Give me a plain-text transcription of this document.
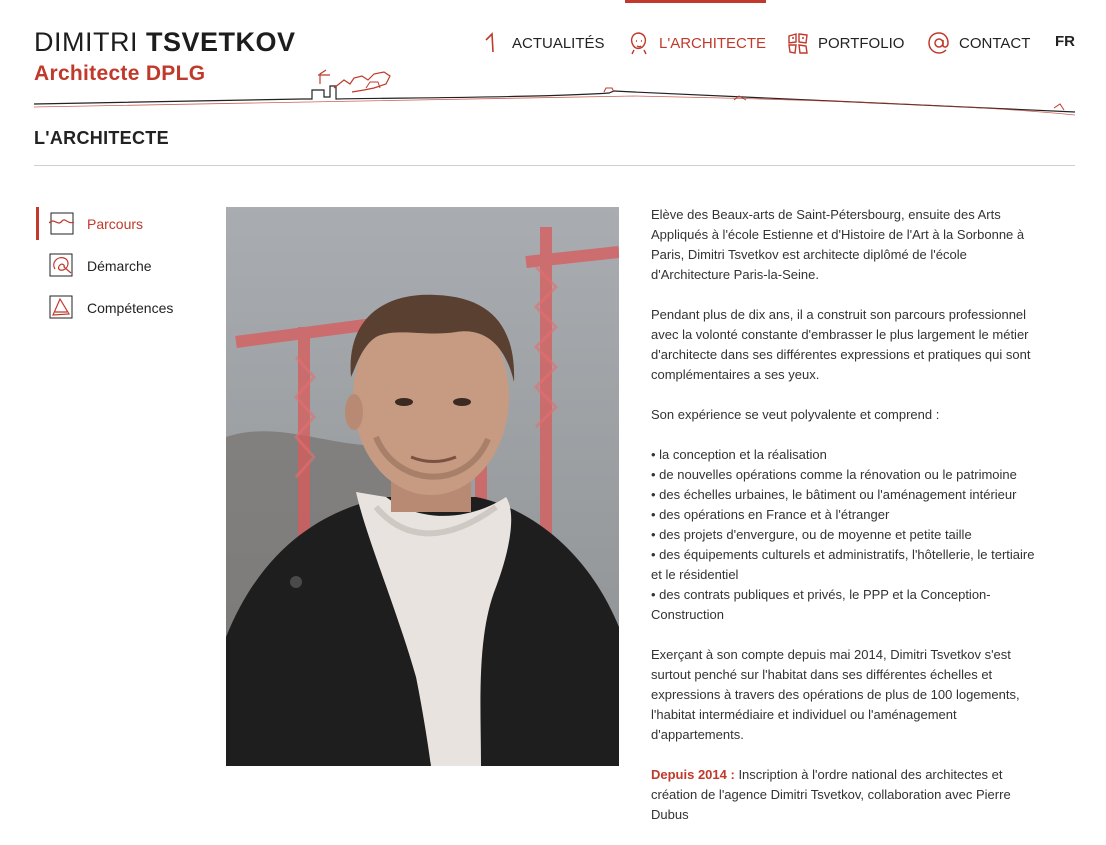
DIMITRI TSVETKOV
Architecte DPLG
ACTUALITÉS	L'ARCHITECTE	PORTFOLIO	CONTACT FR
L'ARCHITECTE
Parcours
Démarche
Compétences

Elève des Beaux-arts de Saint-Pétersbourg, ensuite des Arts Appliqués à l'école Estienne et d'Histoire de l'Art à la Sorbonne à Paris, Dimitri Tsvetkov est architecte diplômé de l'école d'Architecture Paris-la-Seine.

Pendant plus de dix ans, il a construit son parcours professionnel avec la volonté constante d'embrasser le plus largement le métier d'architecte dans ses différentes expressions et pratiques qui sont complémentaires a ses yeux.

Son expérience se veut polyvalente et comprend :

• la conception et la réalisation
• de nouvelles opérations comme la rénovation ou le patrimoine
• des échelles urbaines, le bâtiment ou l'aménagement intérieur
• des opérations en France et à l'étranger
• des projets d'envergure, ou de moyenne et petite taille
• des équipements culturels et administratifs, l'hôtellerie, le tertiaire et le résidentiel
• des contrats publiques et privés, le PPP et la Conception-Construction

Exerçant à son compte depuis mai 2014, Dimitri Tsvetkov s'est surtout penché sur l'habitat dans ses différentes échelles et expressions à travers des opérations de plus de 100 logements, l'habitat intermédiaire et individuel ou l'aménagement d'appartements.

Depuis 2014 : Inscription à l'ordre national des architectes et création de l'agence Dimitri Tsvetkov, collaboration avec Pierre Dubus
